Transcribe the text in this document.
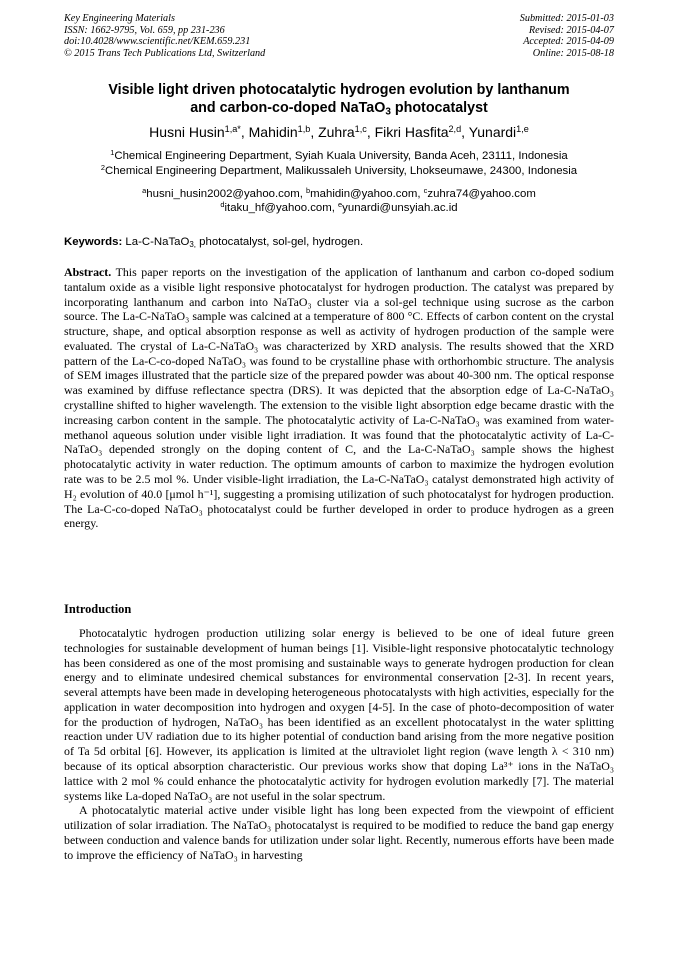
Key Engineering Materials
ISSN: 1662-9795, Vol. 659, pp 231-236
doi:10.4028/www.scientific.net/KEM.659.231
© 2015 Trans Tech Publications Ltd, Switzerland
Submitted: 2015-01-03
Revised: 2015-04-07
Accepted: 2015-04-09
Online: 2015-08-18
Visible light driven photocatalytic hydrogen evolution by lanthanum
and carbon-co-doped NaTaO$_3$ photocatalyst
Husni Husin$^{1,a*}$, Mahidin$^{1,b}$, Zuhra$^{1,c}$, Fikri Hasfita$^{2,d}$, Yunardi$^{1,e}$
$^1$Chemical Engineering Department, Syiah Kuala University, Banda Aceh, 23111, Indonesia
$^2$Chemical Engineering Department, Malikussaleh University, Lhokseumawe, 24300, Indonesia
$^a$husni_husin2002@yahoo.com, $^b$mahidin@yahoo.com, $^c$zuhra74@yahoo.com
$^d$itaku_hf@yahoo.com, $^e$yunardi@unsyiah.ac.id
Keywords: La-C-NaTaO$_{3,}$ photocatalyst, sol-gel, hydrogen.

Abstract. This paper reports on the investigation of the application of lanthanum and carbon co-doped sodium tantalum oxide as a visible light responsive photocatalyst for hydrogen production. The catalyst was prepared by incorporating lanthanum and carbon into NaTaO₃ cluster via a sol-gel technique using sucrose as the carbon source. The La-C-NaTaO₃ sample was calcined at a temperature of 800 °C. Effects of carbon content on the crystal structure, shape, and optical absorption response as well as activity of hydrogen production of the sample were evaluated. The crystal of La-C-NaTaO₃ was characterized by XRD analysis. The results showed that the XRD pattern of the La-C-co-doped NaTaO₃ was found to be crystalline phase with orthorhombic structure. The analysis of SEM images illustrated that the particle size of the prepared powder was about 40-300 nm. The optical response was examined by diffuse reflectance spectra (DRS). It was depicted that the absorption edge of La-C-NaTaO₃ crystalline shifted to higher wavelength. The extension to the visible light absorption edge became drastic with the increasing carbon content in the sample. The photocatalytic activity of La-C-NaTaO₃ was examined from water-methanol aqueous solution under visible light irradiation. It was found that the photocatalytic activity of La-C-NaTaO₃ depended strongly on the doping content of C, and the La-C-NaTaO₃ sample shows the highest photocatalytic activity in water reduction. The optimum amounts of carbon to maximize the hydrogen evolution rate was to be 2.5 mol %. Under visible-light irradiation, the La-C-NaTaO₃ catalyst demonstrated high activity of H₂ evolution of 40.0 [μmol h⁻¹], suggesting a promising utilization of such photocatalyst for hydrogen production. The La-C-co-doped NaTaO₃ photocatalyst could be further developed in order to produce hydrogen as a green energy.

Introduction

Photocatalytic hydrogen production utilizing solar energy is believed to be one of ideal future green technologies for sustainable development of human beings [1]. Visible-light responsive photocatalytic technology has been considered as one of the most promising and sustainable ways to generate hydrogen production for clean energy and to eliminate undesired chemical substances for environmental conservation [2-3]. In recent years, several attempts have been made in developing heterogeneous photocatalysts with high activities, especially for the application in water decomposition into hydrogen and oxygen [4-5]. In the case of photo-decomposition of water for the production of hydrogen, NaTaO₃ has been identified as an excellent photocatalyst in the water splitting reaction under UV radiation due to its higher potential of conduction band arising from the more negative position of Ta 5d orbital [6]. However, its application is limited at the ultraviolet light region (wave length λ < 310 nm) because of its optical absorption characteristic. Our previous works show that doping La³⁺ ions in the NaTaO₃ lattice with 2 mol % could enhance the photocatalytic activity for hydrogen evolution markedly [7]. The material systems like La-doped NaTaO₃ are not useful in the solar spectrum.

A photocatalytic material active under visible light has long been expected from the viewpoint of efficient utilization of solar irradiation. The NaTaO₃ photocatalyst is required to be modified to reduce the band gap energy between conduction and valence bands for utilization under solar light. Recently, numerous efforts have been made to improve the efficiency of NaTaO₃ in harvesting
